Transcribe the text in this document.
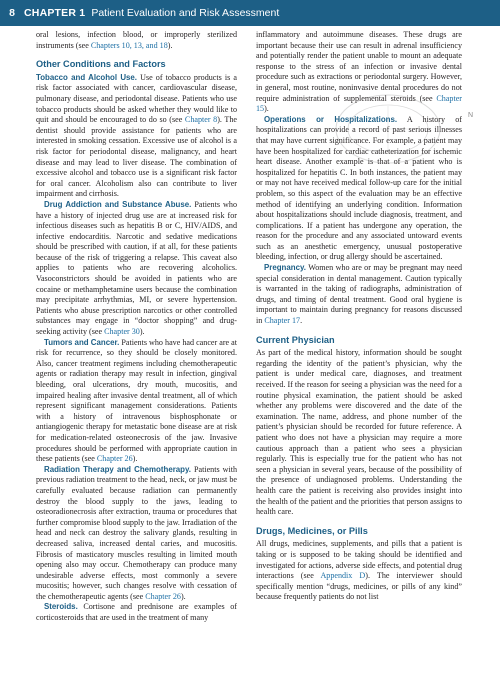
8 CHAPTER 1 Patient Evaluation and Risk Assessment

oral lesions, infection blood, or improperly sterilized instruments (see Chapters 10, 13, and 18).

Other Conditions and Factors

Tobacco and Alcohol Use. Use of tobacco products is a risk factor associated with cancer, cardiovascular disease, pulmonary disease, and periodontal disease. Patients who use tobacco products should be asked whether they would like to quit and should be encouraged to do so (see Chapter 8). The dentist should provide assistance for patients who are interested in smoking cessation. Excessive use of alcohol is a risk factor for periodontal disease, malignancy, and heart disease and may lead to liver disease. The combination of excessive alcohol and tobacco use is a significant risk factor for oral cancer. Alcoholism also can contribute to liver impairment and cirrhosis.

Drug Addiction and Substance Abuse. Patients who have a history of injected drug use are at increased risk for infectious diseases such as hepatitis B or C, HIV/AIDS, and infective endocarditis. Narcotic and sedative medications should be prescribed with caution, if at all, for these patients because of the risk of triggering a relapse. This caveat also applies to patients who are recovering alcoholics. Vasoconstrictors should be avoided in patients who are cocaine or methamphetamine users because the combination may precipitate arrhythmias, MI, or severe hypertension. Patients who abuse prescription narcotics or other controlled substances may engage in “doctor shopping” and drug-seeking activity (see Chapter 30).

Tumors and Cancer. Patients who have had cancer are at risk for recurrence, so they should be closely monitored. Also, cancer treatment regimens including chemotherapeutic agents or radiation therapy may result in infection, gingival bleeding, oral ulcerations, dry mouth, mucositis, and impaired healing after invasive dental treatment, all of which represent significant management considerations. Patients with a history of intravenous bisphosphonate or antiangiogenic therapy for metastatic bone disease are at risk for medication-related osteonecrosis of the jaw. Invasive procedures should be performed with appropriate caution in these patients (see Chapter 26).

Radiation Therapy and Chemotherapy. Patients with previous radiation treatment to the head, neck, or jaw must be carefully evaluated because radiation can permanently destroy the blood supply to the jaws, leading to osteoradionecrosis after extraction, trauma or procedures that further compromise blood supply to the jaw. Irradiation of the head and neck can destroy the salivary glands, resulting in decreased saliva, increased dental caries, and mucositis. Fibrosis of masticatory muscles resulting in limited mouth opening also may occur. Chemotherapy can produce many undesirable adverse effects, most commonly a severe mucositis; however, such changes resolve with cessation of the chemotherapeutic agents (see Chapter 26).

Steroids. Cortisone and prednisone are examples of corticosteroids that are used in the treatment of many

inflammatory and autoimmune diseases. These drugs are important because their use can result in adrenal insufficiency and potentially render the patient unable to mount an adequate response to the stress of an infection or invasive dental procedure such as extractions or periodontal surgery. However, in general, most routine, noninvasive dental procedures do not require administration of supplemental steroids (see Chapter 15).

Operations or Hospitalizations. A history of hospitalizations can provide a record of past serious illnesses that may have current significance. For example, a patient may have been hospitalized for cardiac catheterization for ischemic heart disease. Another example is that of a patient who is hospitalized for hepatitis C. In both instances, the patient may or may not have received medical follow-up care for the initial problem, so this aspect of the evaluation may be an effective method of identifying an underlying condition. Information about hospitalizations should include diagnosis, treatment, and complications. If a patient has undergone any operation, the reason for the procedure and any associated untoward events such as an anesthetic emergency, unusual postoperative bleeding, infection, or drug allergy should be ascertained.

Pregnancy. Women who are or may be pregnant may need special consideration in dental management. Caution typically is warranted in the taking of radiographs, administration of drugs, and timing of dental treatment. Good oral hygiene is important to maintain during pregnancy for reasons discussed in Chapter 17.

Current Physician

As part of the medical history, information should be sought regarding the identity of the patient’s physician, why the patient is under medical care, diagnoses, and treatment received. If the reason for seeing a physician was the need for a routine physical examination, the patient should be asked whether any problems were discovered and the date of the examination. The name, address, and phone number of the patient’s physician should be recorded for future reference. A patient who does not have a physician may require a more cautious approach than a patient who sees a physician regularly. This is especially true for the patient who has not seen a physician in several years, because of the possibility of the presence of undiagnosed problems. Understanding the health care the patient is receiving also provides insight into the health of the patient and the priorities that person assigns to health care.

Drugs, Medicines, or Pills

All drugs, medicines, supplements, and pills that a patient is taking or is supposed to be taking should be identified and investigated for actions, adverse side effects, and potential drug interactions (see Appendix D). The interviewer should specifically mention “drugs, medicines, or pills of any kind” because frequently patients do not list

N
